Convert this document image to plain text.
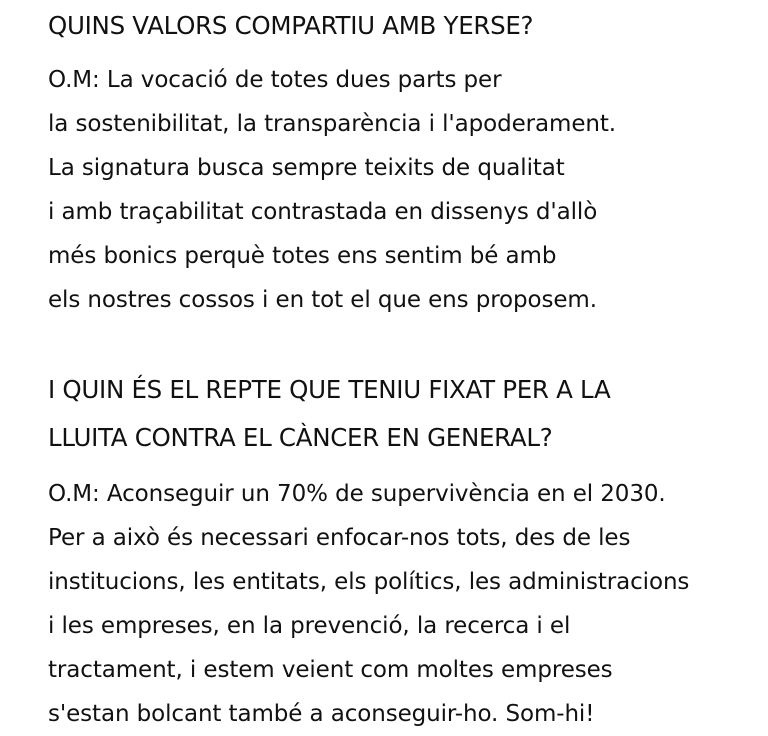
QUINS VALORS COMPARTIU AMB YERSE?
O.M: La vocació de totes dues parts per
la sostenibilitat, la transparència i l'apoderament.
La signatura busca sempre teixits de qualitat
i amb traçabilitat contrastada en dissenys d'allò
més bonics perquè totes ens sentim bé amb
els nostres cossos i en tot el que ens proposem.
I QUIN ÉS EL REPTE QUE TENIU FIXAT PER A LA
LLUITA CONTRA EL CÀNCER EN GENERAL?
O.M: Aconseguir un 70% de supervivència en el 2030.
Per a això és necessari enfocar-nos tots, des de les
institucions, les entitats, els polítics, les administracions
i les empreses, en la prevenció, la recerca i el
tractament, i estem veient com moltes empreses
s'estan bolcant també a aconseguir-ho. Som-hi!
